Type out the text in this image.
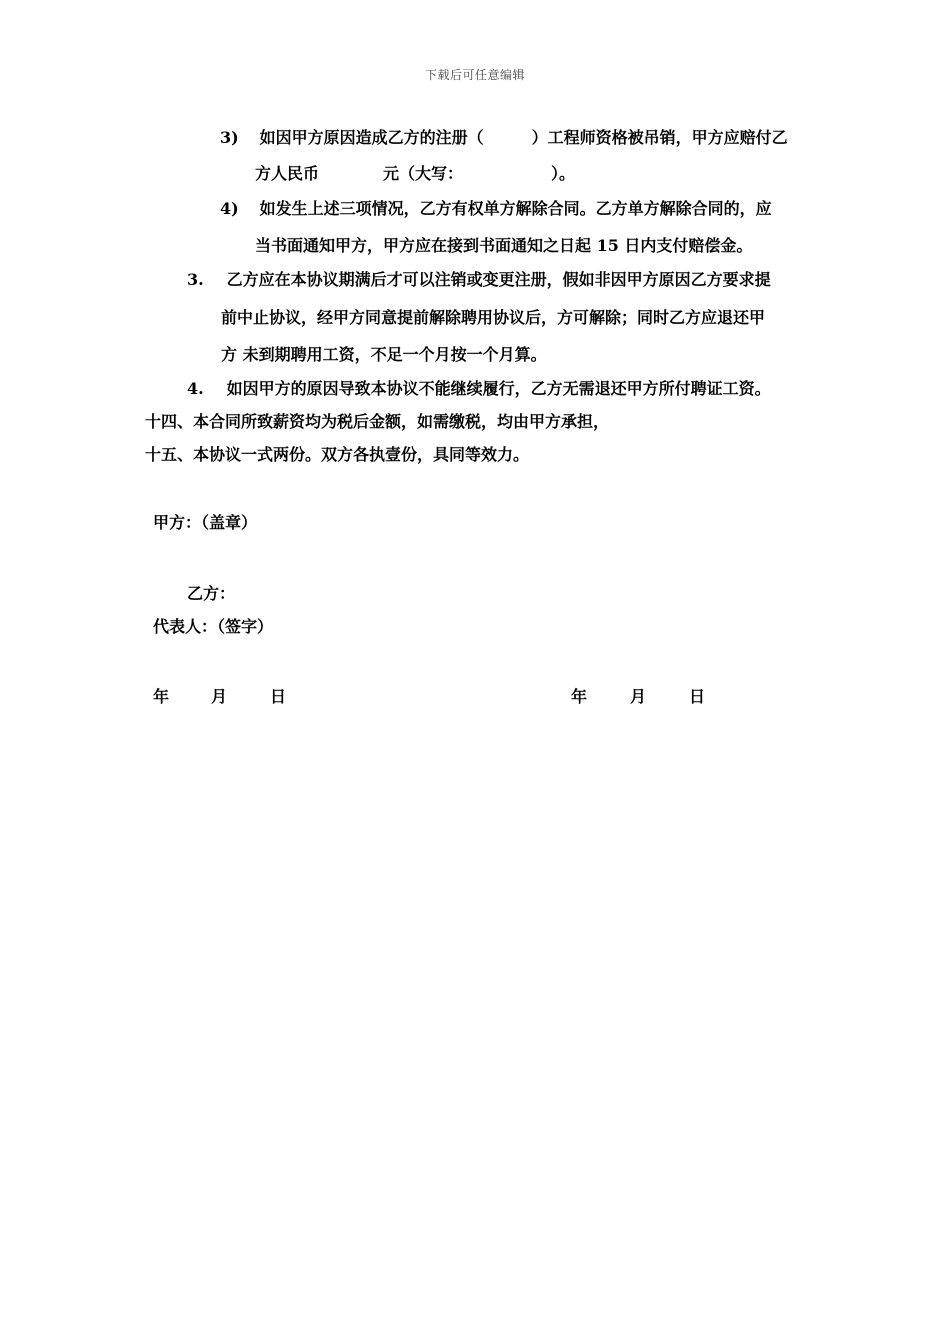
下载后可任意编辑
3) 如因甲方原因造成乙方的注册（　　　）工程师资格被吊销，甲方应赔付乙
方人民币　　　　元（大写：　　　　　　）。
4) 如发生上述三项情况，乙方有权单方解除合同。乙方单方解除合同的，应
当书面通知甲方，甲方应在接到书面通知之日起 15 日内支付赔偿金。
3. 乙方应在本协议期满后才可以注销或变更注册，假如非因甲方原因乙方要求提
前中止协议，经甲方同意提前解除聘用协议后，方可解除；同时乙方应退还甲
方 未到期聘用工资，不足一个月按一个月算。
4. 如因甲方的原因导致本协议不能继续履行，乙方无需退还甲方所付聘证工资。
十四、本合同所致薪资均为税后金额，如需缴税，均由甲方承担，
十五、本协议一式两份。双方各执壹份，具同等效力。
甲方：（盖章）
乙方：
代表人：（签字）
年	月	日	年	月	日
